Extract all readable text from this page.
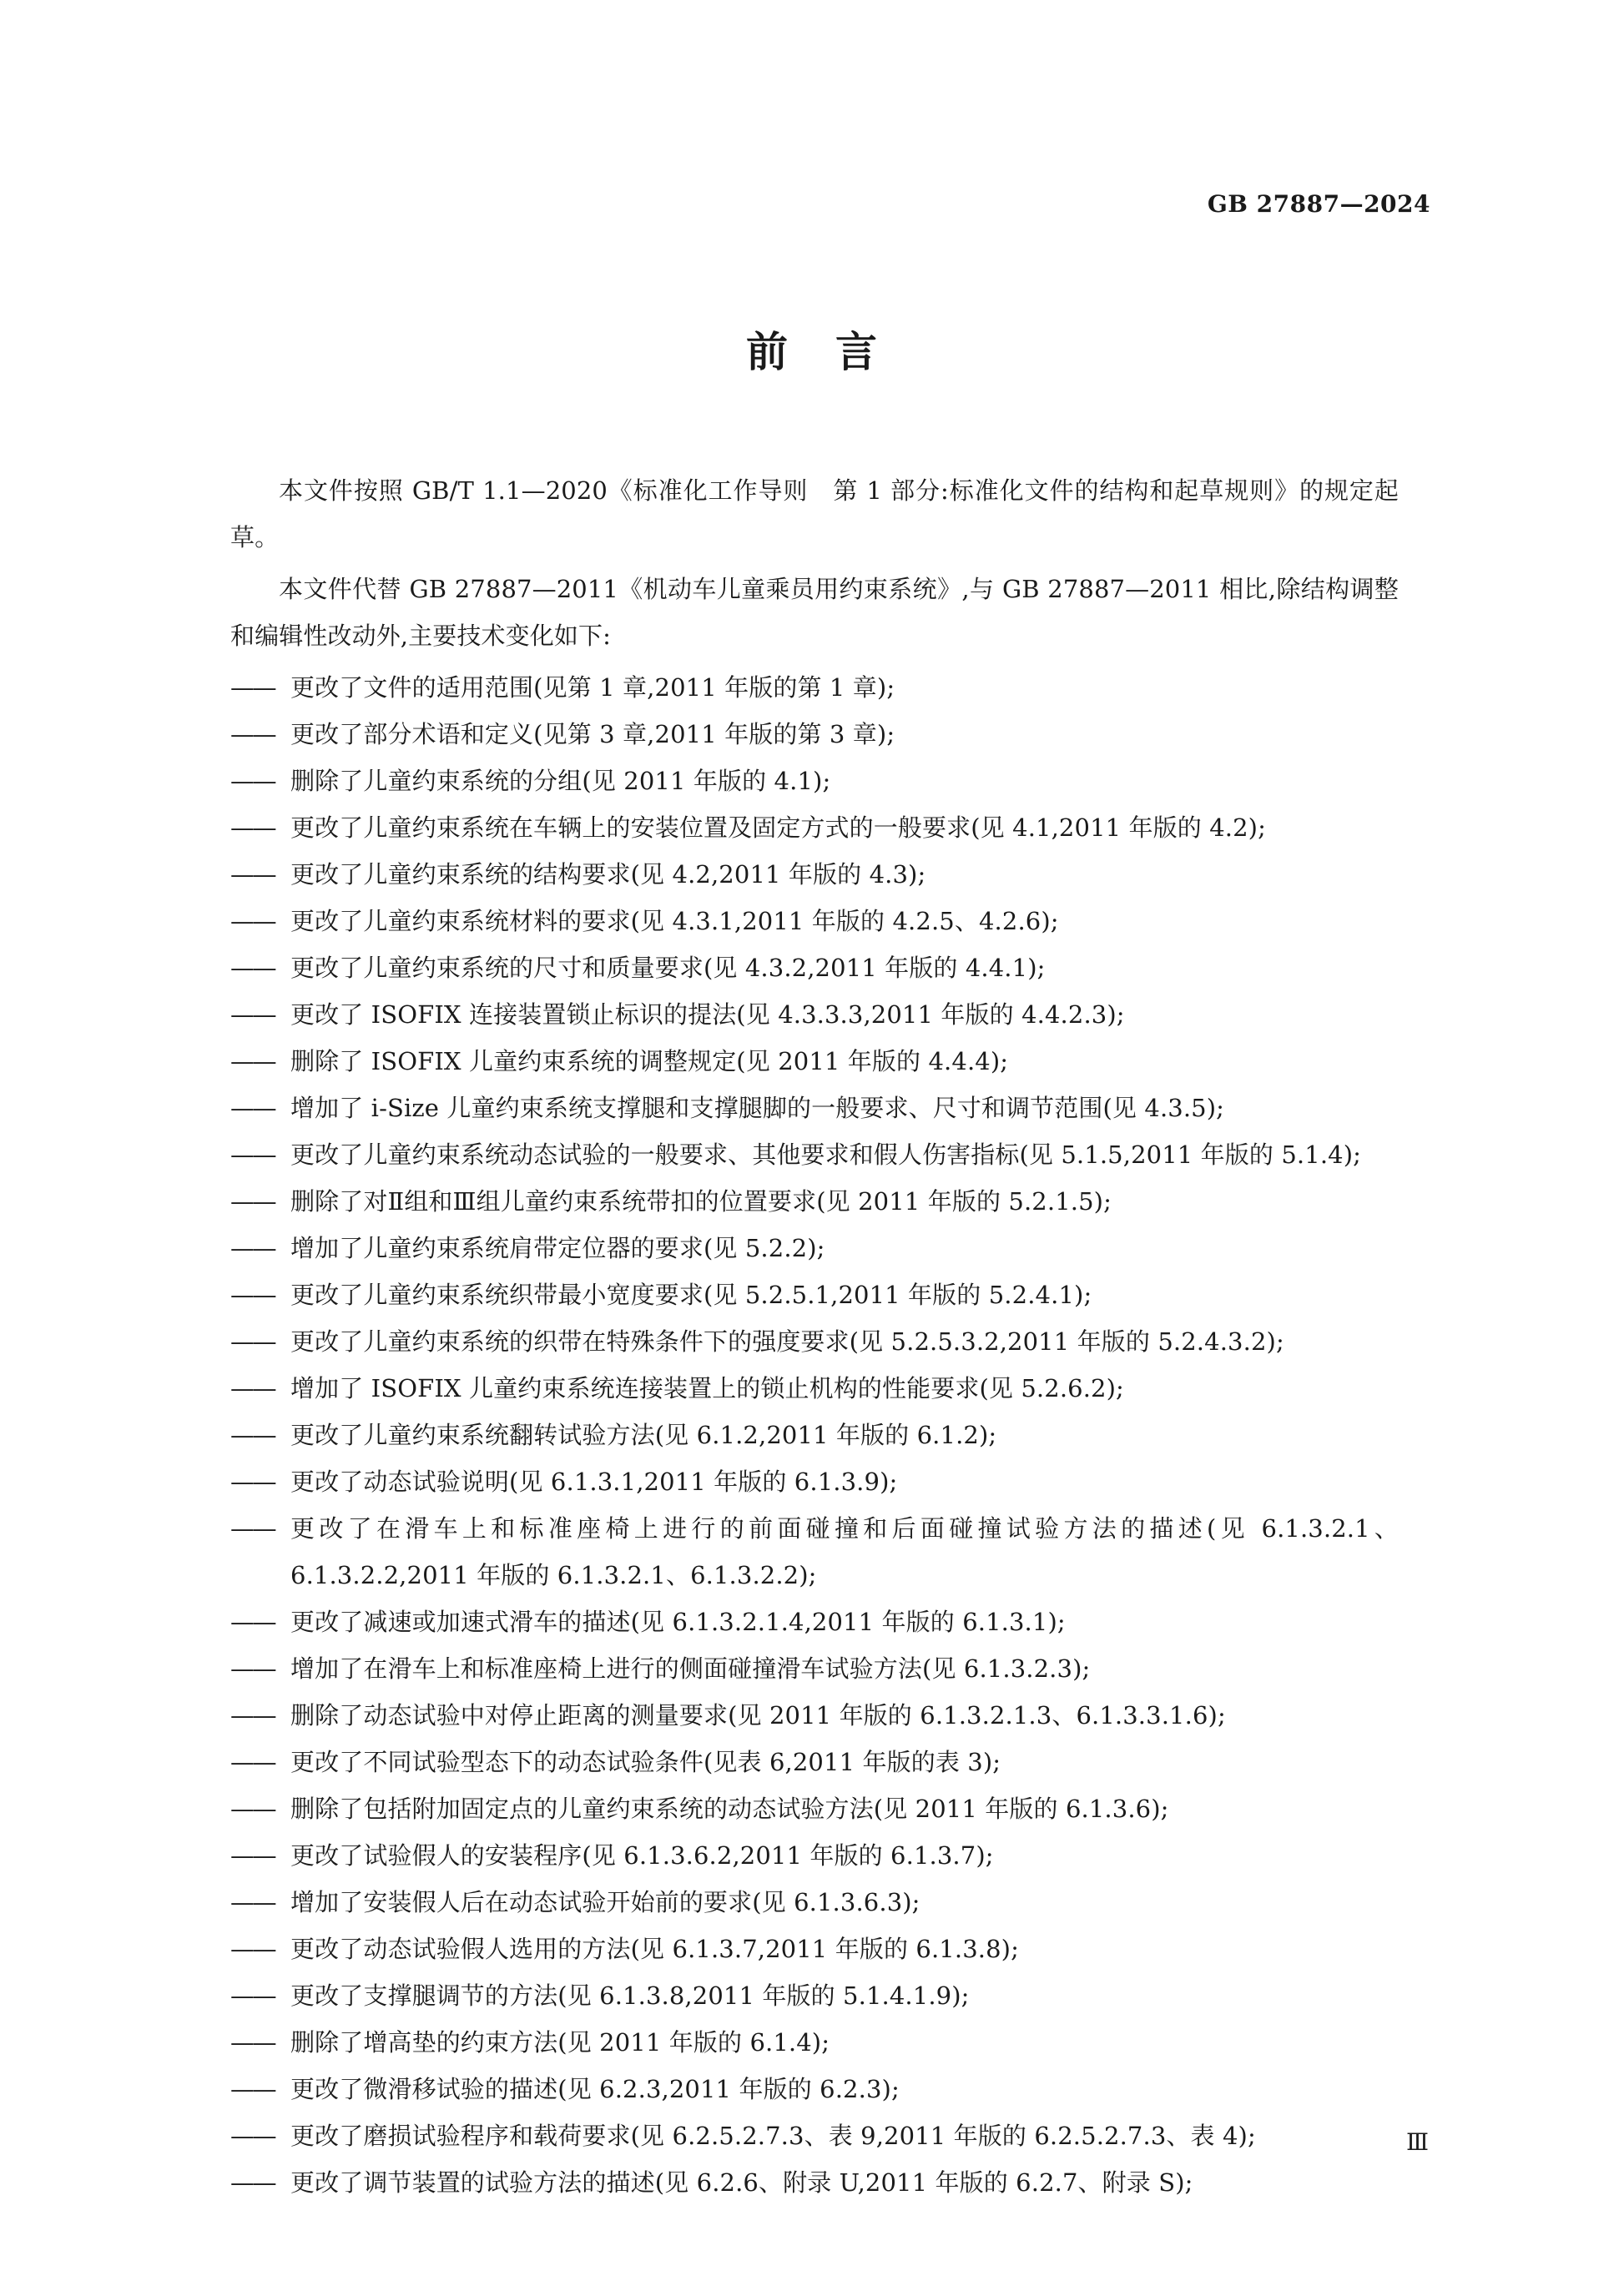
GB 27887—2024
前 言

本文件按照 GB/T 1.1—2020《标准化工作导则　第 1 部分:标准化文件的结构和起草规则》的规定起草。

本文件代替 GB 27887—2011《机动车儿童乘员用约束系统》,与 GB 27887—2011 相比,除结构调整和编辑性改动外,主要技术变化如下:

—— 更改了文件的适用范围(见第 1 章,2011 年版的第 1 章);
—— 更改了部分术语和定义(见第 3 章,2011 年版的第 3 章);
—— 删除了儿童约束系统的分组(见 2011 年版的 4.1);
—— 更改了儿童约束系统在车辆上的安装位置及固定方式的一般要求(见 4.1,2011 年版的 4.2);
—— 更改了儿童约束系统的结构要求(见 4.2,2011 年版的 4.3);
—— 更改了儿童约束系统材料的要求(见 4.3.1,2011 年版的 4.2.5、4.2.6);
—— 更改了儿童约束系统的尺寸和质量要求(见 4.3.2,2011 年版的 4.4.1);
—— 更改了 ISOFIX 连接装置锁止标识的提法(见 4.3.3.3,2011 年版的 4.4.2.3);
—— 删除了 ISOFIX 儿童约束系统的调整规定(见 2011 年版的 4.4.4);
—— 增加了 i-Size 儿童约束系统支撑腿和支撑腿脚的一般要求、尺寸和调节范围(见 4.3.5);
—— 更改了儿童约束系统动态试验的一般要求、其他要求和假人伤害指标(见 5.1.5,2011 年版的 5.1.4);
—— 删除了对Ⅱ组和Ⅲ组儿童约束系统带扣的位置要求(见 2011 年版的 5.2.1.5);
—— 增加了儿童约束系统肩带定位器的要求(见 5.2.2);
—— 更改了儿童约束系统织带最小宽度要求(见 5.2.5.1,2011 年版的 5.2.4.1);
—— 更改了儿童约束系统的织带在特殊条件下的强度要求(见 5.2.5.3.2,2011 年版的 5.2.4.3.2);
—— 增加了 ISOFIX 儿童约束系统连接装置上的锁止机构的性能要求(见 5.2.6.2);
—— 更改了儿童约束系统翻转试验方法(见 6.1.2,2011 年版的 6.1.2);
—— 更改了动态试验说明(见 6.1.3.1,2011 年版的 6.1.3.9);
—— 更改了在滑车上和标准座椅上进行的前面碰撞和后面碰撞试验方法的描述(见 6.1.3.2.1、6.1.3.2.2,2011 年版的 6.1.3.2.1、6.1.3.2.2);
—— 更改了减速或加速式滑车的描述(见 6.1.3.2.1.4,2011 年版的 6.1.3.1);
—— 增加了在滑车上和标准座椅上进行的侧面碰撞滑车试验方法(见 6.1.3.2.3);
—— 删除了动态试验中对停止距离的测量要求(见 2011 年版的 6.1.3.2.1.3、6.1.3.3.1.6);
—— 更改了不同试验型态下的动态试验条件(见表 6,2011 年版的表 3);
—— 删除了包括附加固定点的儿童约束系统的动态试验方法(见 2011 年版的 6.1.3.6);
—— 更改了试验假人的安装程序(见 6.1.3.6.2,2011 年版的 6.1.3.7);
—— 增加了安装假人后在动态试验开始前的要求(见 6.1.3.6.3);
—— 更改了动态试验假人选用的方法(见 6.1.3.7,2011 年版的 6.1.3.8);
—— 更改了支撑腿调节的方法(见 6.1.3.8,2011 年版的 5.1.4.1.9);
—— 删除了增高垫的约束方法(见 2011 年版的 6.1.4);
—— 更改了微滑移试验的描述(见 6.2.3,2011 年版的 6.2.3);
—— 更改了磨损试验程序和载荷要求(见 6.2.5.2.7.3、表 9,2011 年版的 6.2.5.2.7.3、表 4);
—— 更改了调节装置的试验方法的描述(见 6.2.6、附录 U,2011 年版的 6.2.7、附录 S);
Ⅲ
